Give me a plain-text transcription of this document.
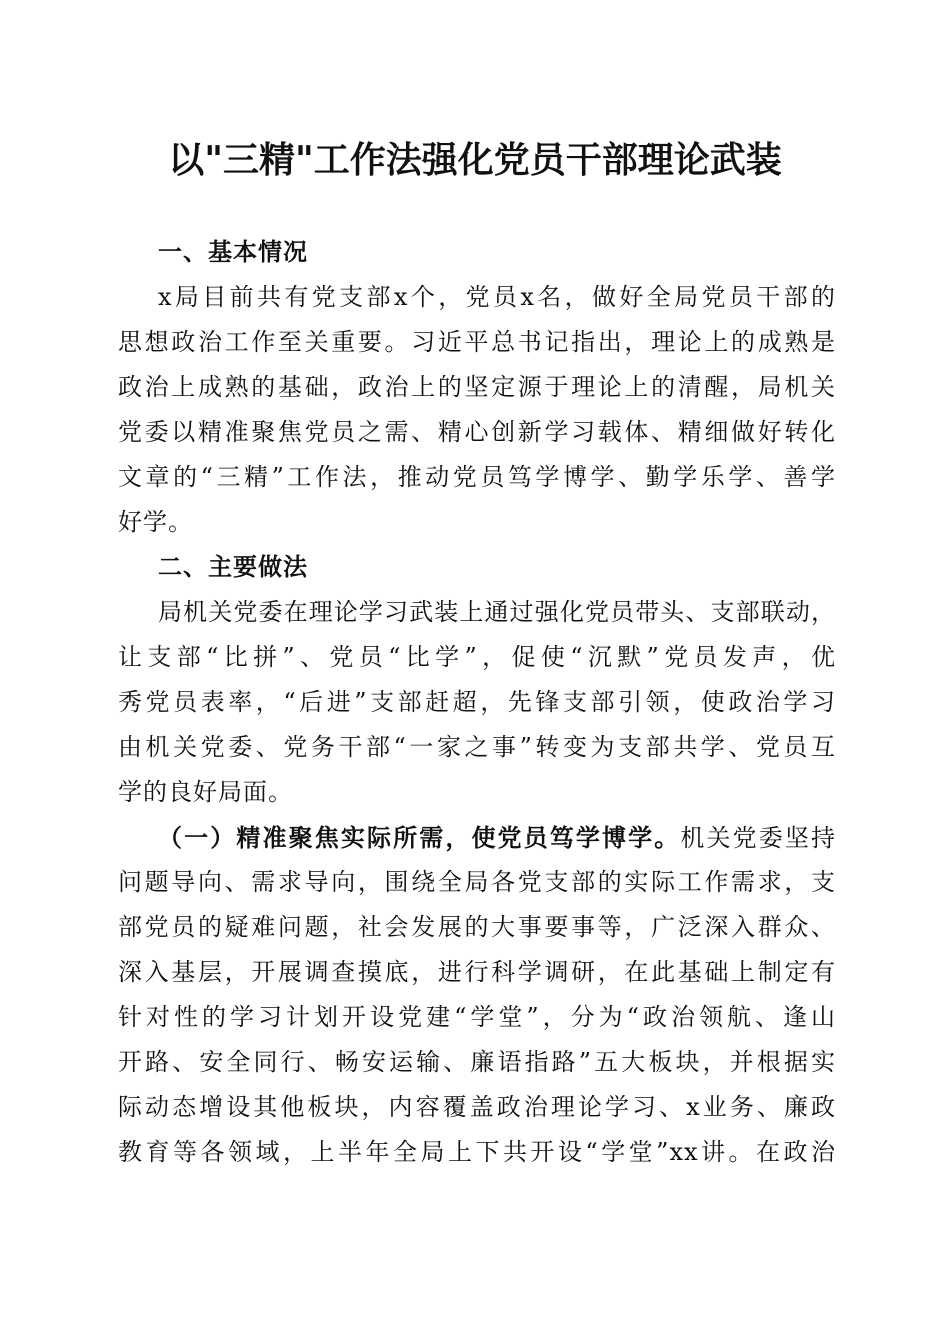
以"三精"工作法强化党员干部理论武装
一、基本情况
x局目前共有党支部x个，党员x名，做好全局党员干部的
思想政治工作至关重要。习近平总书记指出，理论上的成熟是
政治上成熟的基础，政治上的坚定源于理论上的清醒，局机关
党委以精准聚焦党员之需、精心创新学习载体、精细做好转化
文章的“三精”工作法，推动党员笃学博学、勤学乐学、善学
好学。
二、主要做法
局机关党委在理论学习武装上通过强化党员带头、支部联动，
让支部“比拼”、党员“比学”，促使“沉默”党员发声，优
秀党员表率，“后进”支部赶超，先锋支部引领，使政治学习
由机关党委、党务干部“一家之事”转变为支部共学、党员互
学的良好局面。
（一）精准聚焦实际所需，使党员笃学博学。机关党委坚持
问题导向、需求导向，围绕全局各党支部的实际工作需求，支
部党员的疑难问题，社会发展的大事要事等，广泛深入群众、
深入基层，开展调查摸底，进行科学调研，在此基础上制定有
针对性的学习计划开设党建“学堂”，分为“政治领航、逢山
开路、安全同行、畅安运输、廉语指路”五大板块，并根据实
际动态增设其他板块，内容覆盖政治理论学习、x业务、廉政
教育等各领域，上半年全局上下共开设“学堂”xx讲。在政治
